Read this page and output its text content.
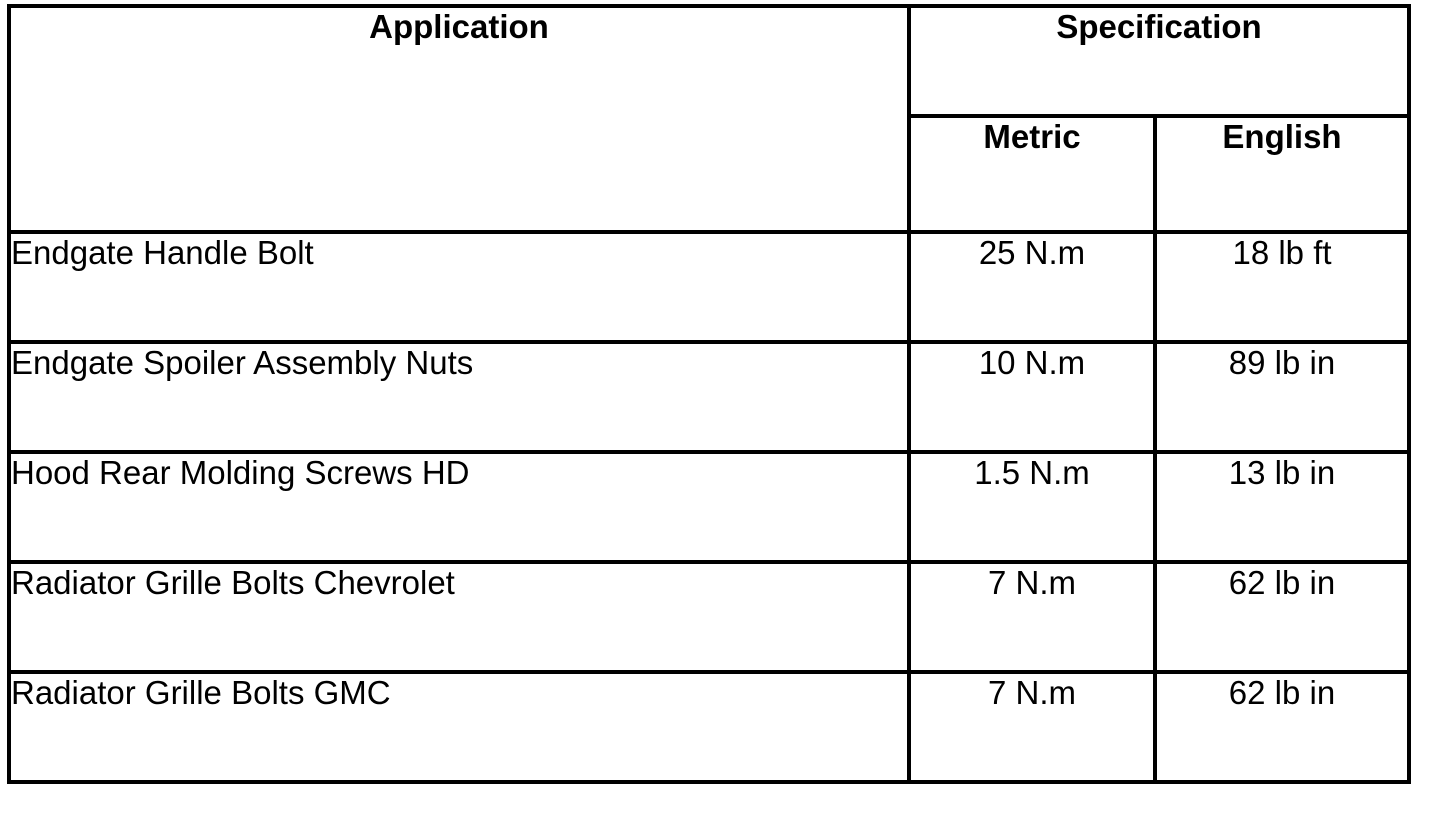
Application	Specification	
	Metric	English
Endgate Handle Bolt	25 N.m	18 lb ft
Endgate Spoiler Assembly Nuts	10 N.m	89 lb in
Hood Rear Molding Screws HD	1.5 N.m	13 lb in
Radiator Grille Bolts Chevrolet	7 N.m	62 lb in
Radiator Grille Bolts GMC	7 N.m	62 lb in
